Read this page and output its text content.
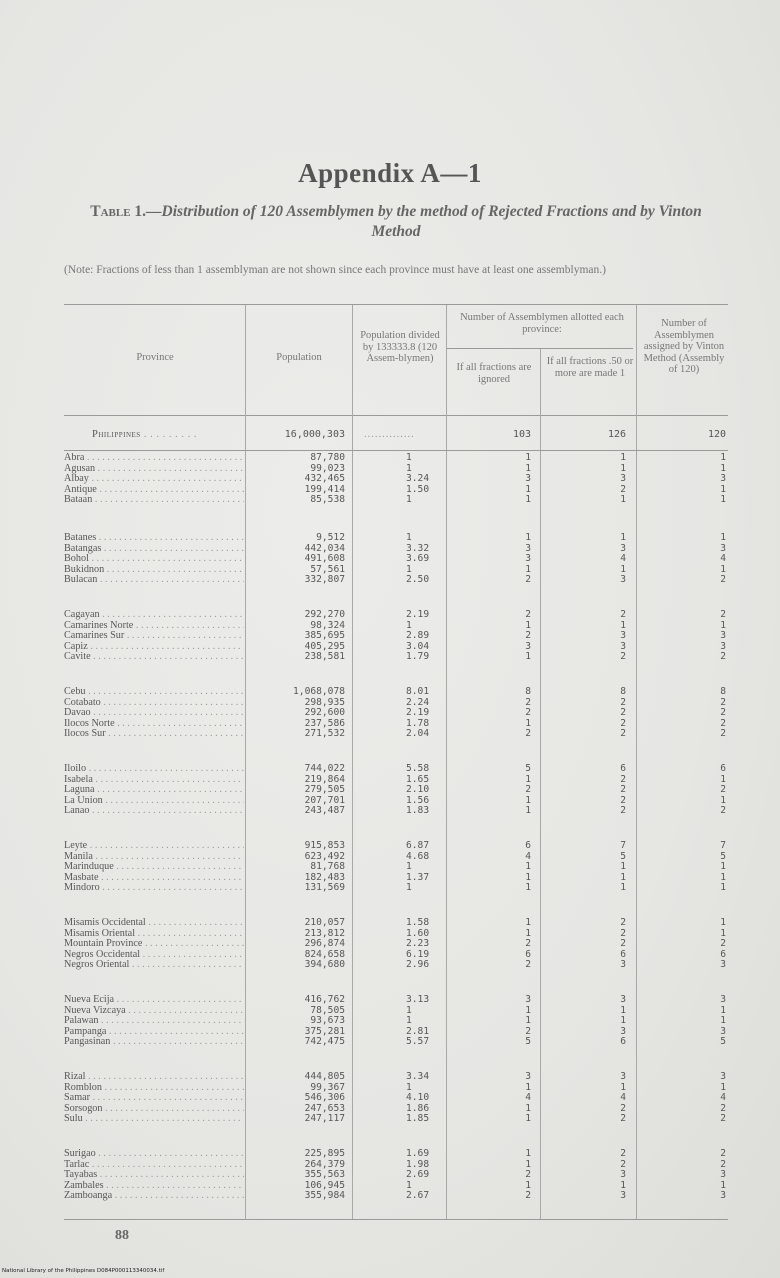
Appendix A—1
Table 1.—Distribution of 120 Assemblymen by the method of Rejected Fractions and by Vinton Method
(Note: Fractions of less than 1 assemblyman are not shown since each province must have at least one assemblyman.)
Province	Population
Population divided by 133333.8 (120 Assem-blymen)
Number of Assemblymen allotted each province:
If all fractions are ignored
If all fractions .50 or more are made 1
Number of Assemblymen assigned by Vinton Method (Assembly of 120)
Philippines . . .	16,000,303 ..............	103	126	120
Abra . . .	87,780	1	1	1	1
Agusan . . .	99,023	1	1	1	1
Albay . . .	432,465	3.24	3	3	3
Antique . . .	199,414	1.50	1	2	1
Bataan . . .	85,538	1	1	1	1
Batanes . . .	9,512	1	1	1	1
Batangas . . .	442,034	3.32	3	3	3
Bohol . . .	491,608	3.69	3	4	4
Bukidnon . . .	57,561	1	1	1	1
Bulacan . . .	332,807	2.50	2	3	2
Cagayan . . .	292,270	2.19	2	2	2
Camarines Norte . . .	98,324	1	1	1	1
Camarines Sur . . .	385,695	2.89	2	3	3
Capiz . . .	405,295	3.04	3	3	3
Cavite . . .	238,581	1.79	1	2	2
Cebu . . .	1,068,078	8.01	8	8	8
Cotabato . . .	298,935	2.24	2	2	2
Davao . . .	292,600	2.19	2	2	2
Ilocos Norte . . .	237,586	1.78	1	2	2
Ilocos Sur . . .	271,532	2.04	2	2	2
Iloilo . . .	744,022	5.58	5	6	6
Isabela . . .	219,864	1.65	1	2	1
Laguna . . .	279,505	2.10	2	2	2
La Union . . .	207,701	1.56	1	2	1
Lanao . . .	243,487	1.83	1	2	2
Leyte . . .	915,853	6.87	6	7	7
Manila . . .	623,492	4.68	4	5	5
Marinduque . . .	81,768	1	1	1	1
Masbate . . .	182,483	1.37	1	1	1
Mindoro . . .	131,569	1	1	1	1
Misamis Occidental . . .	210,057	1.58	1	2	1
Misamis Oriental . . .	213,812	1.60	1	2	1
Mountain Province . . .	296,874	2.23	2	2	2
Negros Occidental . . .	824,658	6.19	6	6	6
Negros Oriental . . .	394,680	2.96	2	3	3
Nueva Ecija . . .	416,762	3.13	3	3	3
Nueva Vizcaya . . .	78,505	1	1	1	1
Palawan . . .	93,673	1	1	1	1
Pampanga . . .	375,281	2.81	2	3	3
Pangasinan . . .	742,475	5.57	5	6	5
Rizal . . .	444,805	3.34	3	3	3
Romblon . . .	99,367	1	1	1	1
Samar . . .	546,306	4.10	4	4	4
Sorsogon . . .	247,653	1.86	1	2	2
Sulu . . .	247,117	1.85	1	2	2
Surigao . . .	225,895	1.69	1	2	2
Tarlac . . .	264,379	1.98	1	2	2
Tayabas . . .	355,563	2.69	2	3	3
Zambales . . .	106,945	1	1	1	1
Zamboanga . . .	355,984	2.67	2	3	3
88
National Library of the Philippines D084P000113340034.tif
